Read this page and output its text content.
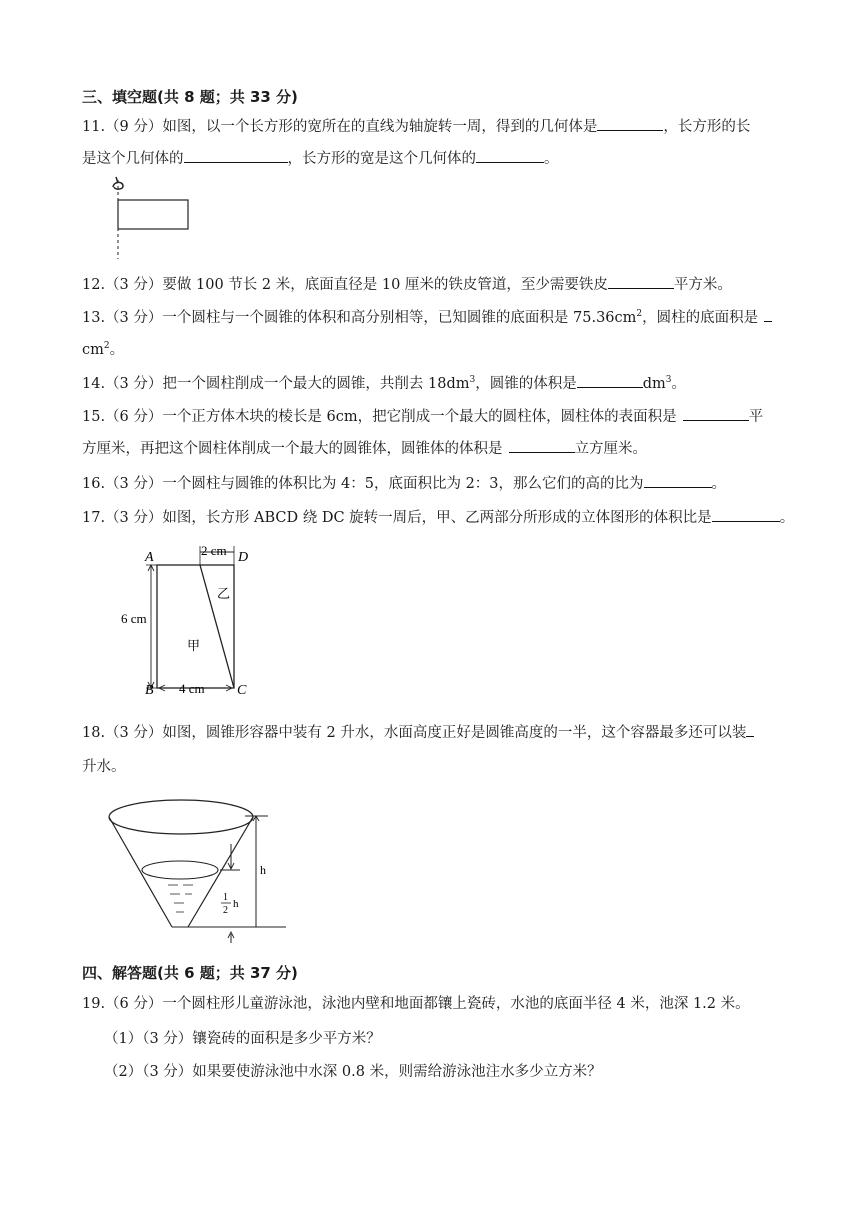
三、填空题(共 8 题；共 33 分)
11.（9 分）如图，以一个长方形的宽所在的直线为轴旋转一周，得到的几何体是	，长方形的长
是这个几何体的	，长方形的宽是这个几何体的	。
12.（3 分）要做 100 节长 2 米，底面直径是 10 厘米的铁皮管道，至少需要铁皮	平方米。
13.（3 分）一个圆柱与一个圆锥的体积和高分别相等，已知圆锥的底面积是 $75.36cm^2$，圆柱的底面积是
$cm^2$。
14.（3 分）把一个圆柱削成一个最大的圆锥，共削去 $18dm^3$，圆锥的体积是	$dm^3$。
15.（6 分）一个正方体木块的棱长是 6cm，把它削成一个最大的圆柱体，圆柱体的表面积是	平
方厘米，再把这个圆柱体削成一个最大的圆锥体，圆锥体的体积是	立方厘米。
16.（3 分）一个圆柱与圆锥的体积比为 4：5，底面积比为 2：3，那么它们的高的比为	。
17.（3 分）如图，长方形 ABCD 绕 DC 旋转一周后，甲、乙两部分所形成的立体图形的体积比是	。
A	D
B	C
2 cm
6 cm
4 cm
甲
乙
18.（3 分）如图，圆锥形容器中装有 2 升水，水面高度正好是圆锥高度的一半，这个容器最多还可以装
升水。
h
1
2
h
四、解答题(共 6 题；共 37 分)
19.（6 分）一个圆柱形儿童游泳池，泳池内壁和地面都镶上瓷砖，水池的底面半径 4 米，池深 1.2 米。
（1）（3 分）镶瓷砖的面积是多少平方米？
（2）（3 分）如果要使游泳池中水深 0.8 米，则需给游泳池注水多少立方米？
